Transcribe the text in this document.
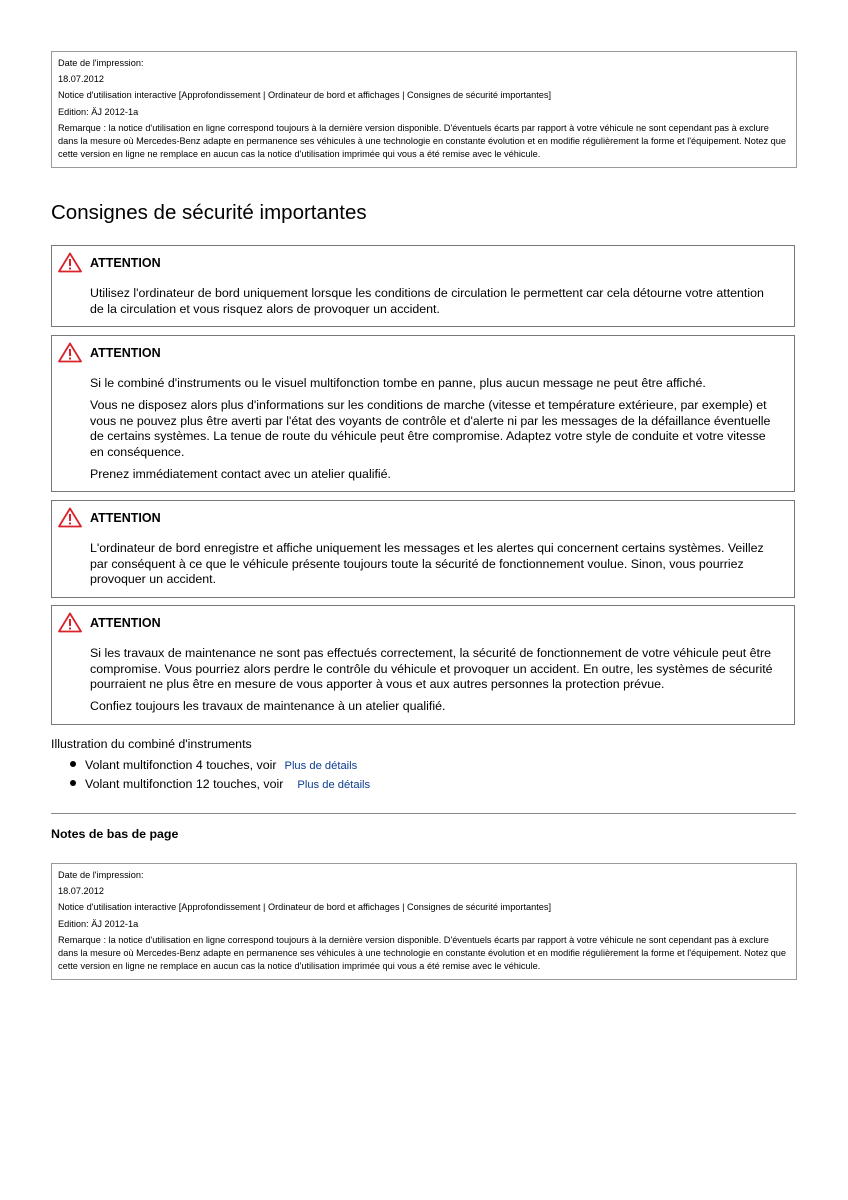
Date de l'impression:

18.07.2012

Notice d'utilisation interactive [Approfondissement | Ordinateur de bord et affichages | Consignes de sécurité importantes]

Edition: ÄJ 2012-1a

Remarque : la notice d'utilisation en ligne correspond toujours à la dernière version disponible. D'éventuels écarts par rapport à votre véhicule ne sont cependant pas à exclure dans la mesure où Mercedes-Benz adapte en permanence ses véhicules à une technologie en constante évolution et en modifie régulièrement la forme et l'équipement. Notez que cette version en ligne ne remplace en aucun cas la notice d'utilisation imprimée qui vous a été remise avec le véhicule.

Consignes de sécurité importantes
ATTENTION

Utilisez l'ordinateur de bord uniquement lorsque les conditions de circulation le permettent car cela détourne votre attention de la circulation et vous risquez alors de provoquer un accident.

ATTENTION

Si le combiné d'instruments ou le visuel multifonction tombe en panne, plus aucun message ne peut être affiché.

Vous ne disposez alors plus d'informations sur les conditions de marche (vitesse et température extérieure, par exemple) et vous ne pouvez plus être averti par l'état des voyants de contrôle et d'alerte ni par les messages de la défaillance éventuelle de certains systèmes. La tenue de route du véhicule peut être compromise. Adaptez votre style de conduite et votre vitesse en conséquence.

Prenez immédiatement contact avec un atelier qualifié.

ATTENTION

L'ordinateur de bord enregistre et affiche uniquement les messages et les alertes qui concernent certains systèmes. Veillez par conséquent à ce que le véhicule présente toujours toute la sécurité de fonctionnement voulue. Sinon, vous pourriez provoquer un accident.

ATTENTION

Si les travaux de maintenance ne sont pas effectués correctement, la sécurité de fonctionnement de votre véhicule peut être compromise. Vous pourriez alors perdre le contrôle du véhicule et provoquer un accident. En outre, les systèmes de sécurité pourraient ne plus être en mesure de vous apporter à vous et aux autres personnes la protection prévue.

Confiez toujours les travaux de maintenance à un atelier qualifié.

Illustration du combiné d'instruments
Volant multifonction 4 touches, voir Plus de détails
Volant multifonction 12 touches, voir Plus de détails
Notes de bas de page

Date de l'impression:

18.07.2012

Notice d'utilisation interactive [Approfondissement | Ordinateur de bord et affichages | Consignes de sécurité importantes]

Edition: ÄJ 2012-1a

Remarque : la notice d'utilisation en ligne correspond toujours à la dernière version disponible. D'éventuels écarts par rapport à votre véhicule ne sont cependant pas à exclure dans la mesure où Mercedes-Benz adapte en permanence ses véhicules à une technologie en constante évolution et en modifie régulièrement la forme et l'équipement. Notez que cette version en ligne ne remplace en aucun cas la notice d'utilisation imprimée qui vous a été remise avec le véhicule.
